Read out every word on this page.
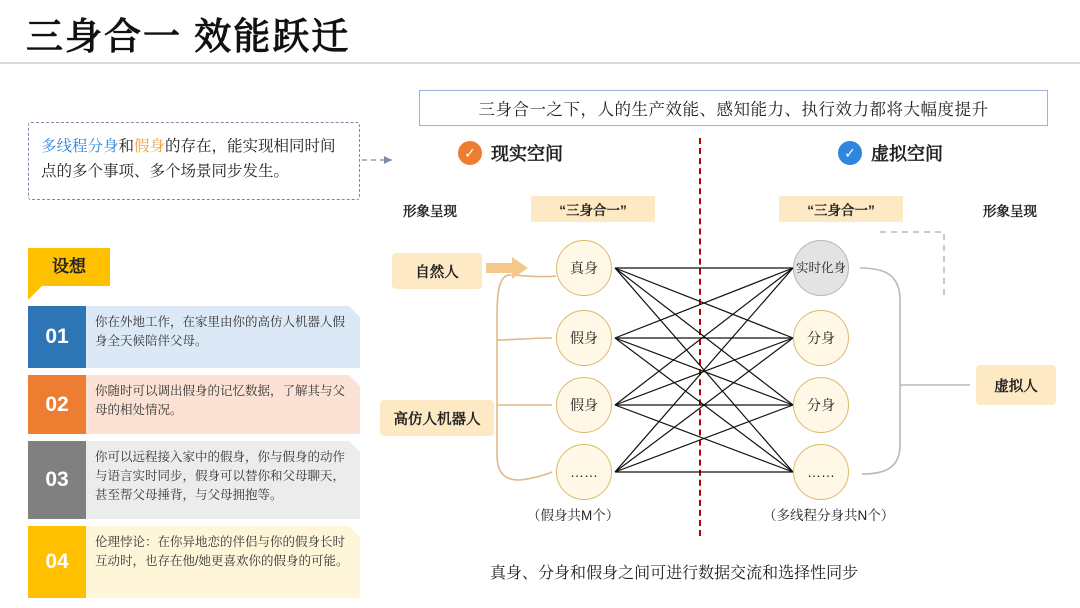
三身合一 效能跃迁
多线程分身和假身的存在，能实现相同时间点的多个事项、多个场景同步发生。
设想
01
你在外地工作，在家里由你的高仿人机器人假身全天候陪伴父母。
02
你随时可以调出假身的记忆数据，了解其与父母的相处情况。
03
你可以远程接入家中的假身，你与假身的动作与语言实时同步，假身可以替你和父母聊天，甚至帮父母捶背，与父母拥抱等。
04
伦理悖论：在你异地恋的伴侣与你的假身长时互动时，也存在他/她更喜欢你的假身的可能。
三身合一之下，人的生产效能、感知能力、执行效力都将大幅度提升
✓ 现实空间	✓ 虚拟空间
形象呈现	形象呈现
“三身合一”	“三身合一”
真身
假身
假身
……
实时化身
分身
分身
……
自然人
高仿人机器人
虚拟人
（假身共M个）	（多线程分身共N个）
真身、分身和假身之间可进行数据交流和选择性同步
